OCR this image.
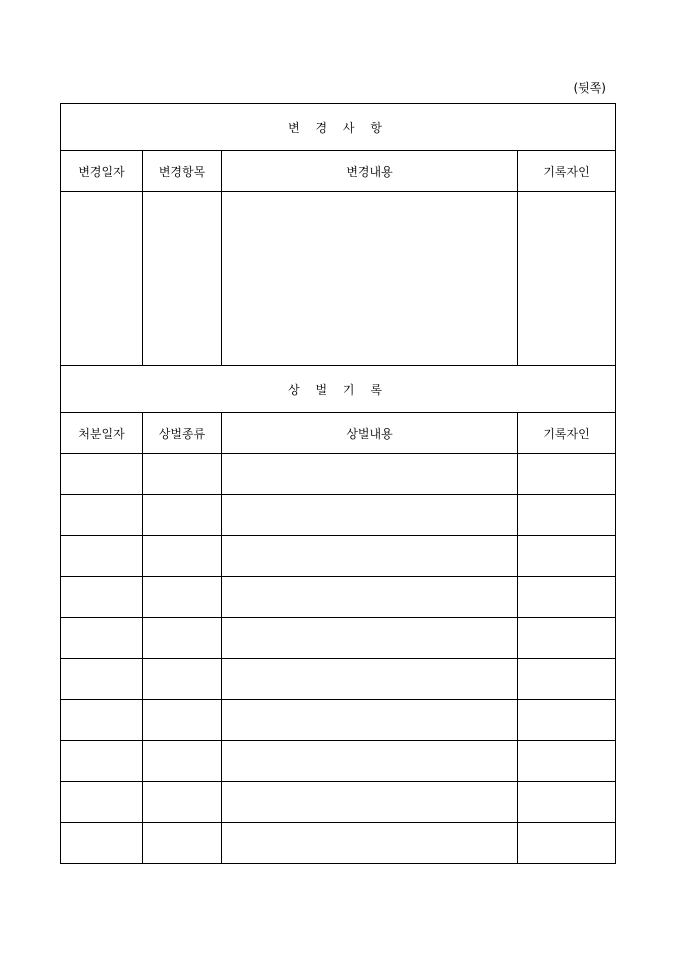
(뒷쪽)
변 경 사 항			
변경일자	변경항목	변경내용	기록자인

상 벌 기 록			
처분일자	상벌종류	상벌내용	기록자인
